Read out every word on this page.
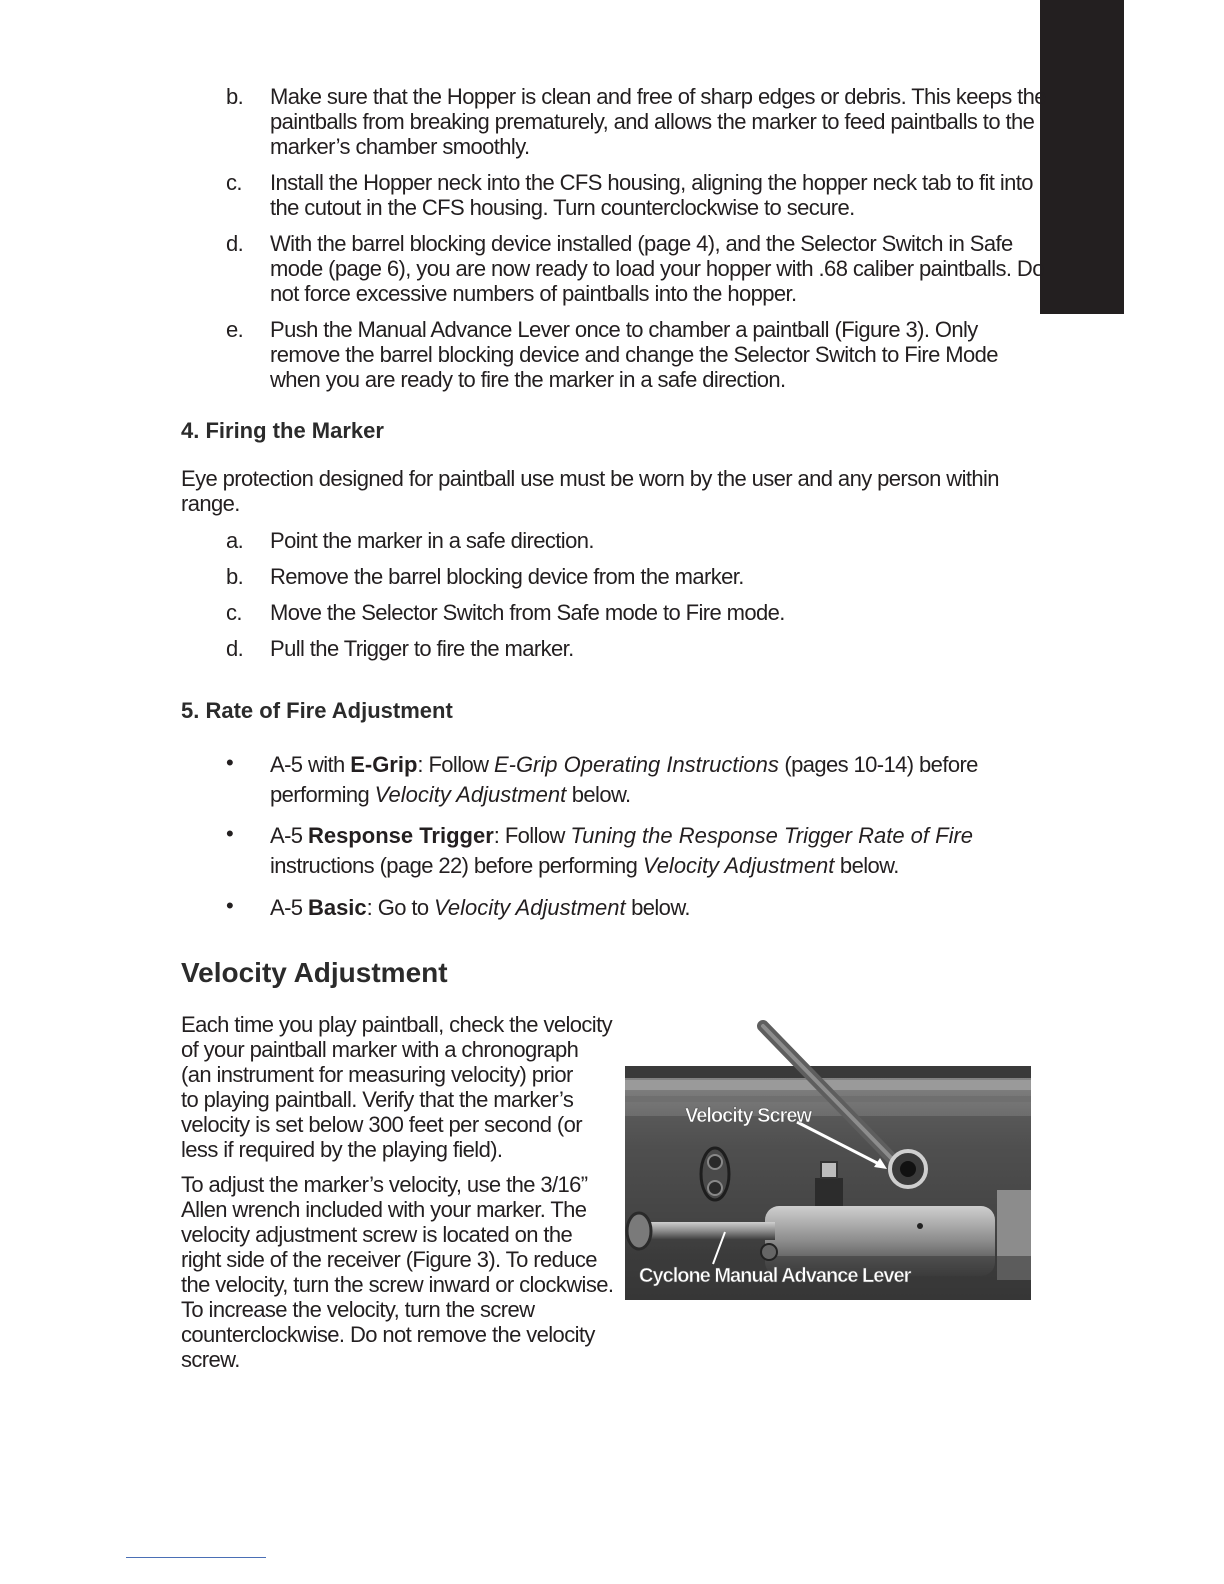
b.	Make sure that the Hopper is clean and free of sharp edges or debris. This keeps the paintballs from breaking prematurely, and allows the marker to feed paintballs to the marker’s chamber smoothly.
c.	Install the Hopper neck into the CFS housing, aligning the hopper neck tab to fit into the cutout in the CFS housing. Turn counterclockwise to secure.
d.	With the barrel blocking device installed (page 4), and the Selector Switch in Safe mode (page 6), you are now ready to load your hopper with .68 caliber paintballs. Do not force excessive numbers of paintballs into the hopper.
e.	Push the Manual Advance Lever once to chamber a paintball (Figure 3). Only remove the barrel blocking device and change the Selector Switch to Fire Mode when you are ready to fire the marker in a safe direction.
4. Firing the Marker
Eye protection designed for paintball use must be worn by the user and any person within range.
a.	Point the marker in a safe direction.
b.	Remove the barrel blocking device from the marker.
c.	Move the Selector Switch from Safe mode to Fire mode.
d.	Pull the Trigger to fire the marker.
5. Rate of Fire Adjustment
• A-5 with E-Grip: Follow E-Grip Operating Instructions (pages 10-14) before performing Velocity Adjustment below.
• A-5 Response Trigger: Follow Tuning the Response Trigger Rate of Fire instructions (page 22) before performing Velocity Adjustment below.
• A-5 Basic: Go to Velocity Adjustment below.
Velocity Adjustment
Each time you play paintball, check the velocity
of your paintball marker with a chronograph
(an instrument for measuring velocity) prior
to playing paintball. Verify that the marker’s
velocity is set below 300 feet per second (or
less if required by the playing field).
To adjust the marker’s velocity, use the 3/16”
Allen wrench included with your marker. The
velocity adjustment screw is located on the
right side of the receiver (Figure 3). To reduce
the velocity, turn the screw inward or clockwise.
To increase the velocity, turn the screw
counterclockwise. Do not remove the velocity
screw.
Velocity Screw
Cyclone Manual Advance Lever
